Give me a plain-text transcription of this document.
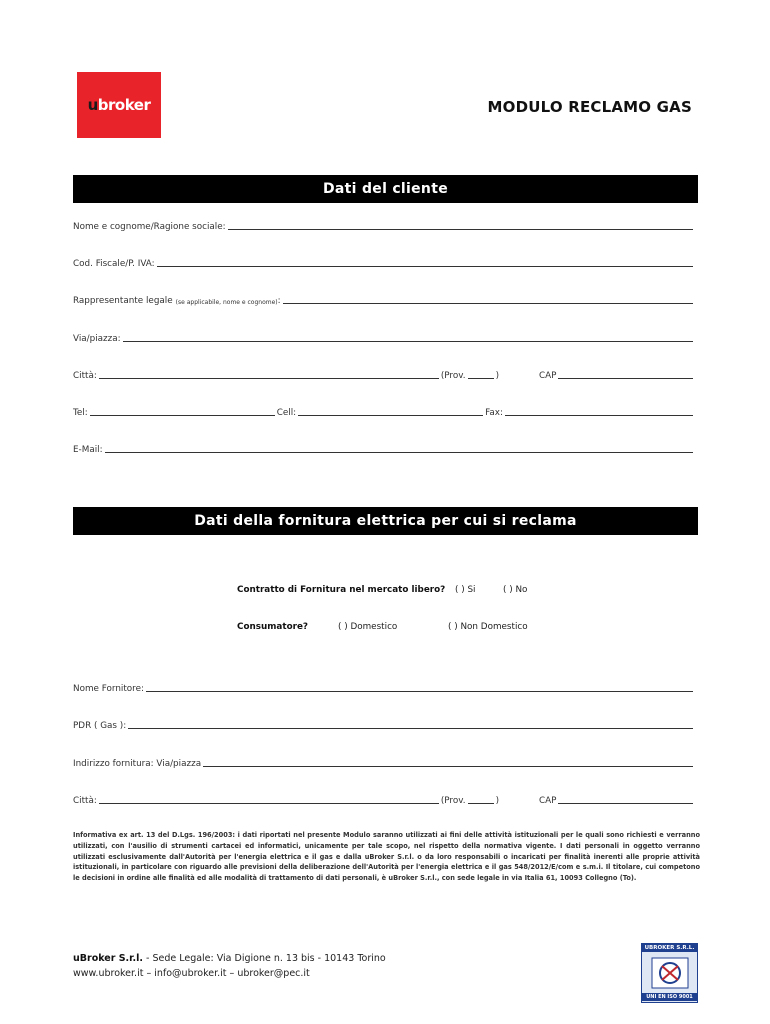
ubroker	MODULO RECLAMO GAS
Dati del cliente
Nome e cognome/Ragione sociale:
Cod. Fiscale/P. IVA:
Rappresentante legale (se applicabile, nome e cognome) :
Via/piazza:
Città:	(Prov.	)	CAP
Tel:	Cell:	Fax:
E-Mail:
Dati della fornitura elettrica per cui si reclama
Contratto di Fornitura nel mercato libero? ( ) Si	( ) No
Consumatore?	( ) Domestico	( ) Non Domestico
Nome Fornitore:
PDR ( Gas ):
Indirizzo fornitura: Via/piazza
Città:	(Prov.	)	CAP
Informativa ex art. 13 del D.Lgs. 196/2003: i dati riportati nel presente Modulo saranno utilizzati ai fini delle attività istituzionali per le quali sono richiesti e verranno utilizzati, con l'ausilio di strumenti cartacei ed informatici, unicamente per tale scopo, nel rispetto della normativa vigente. I dati personali in oggetto verranno utilizzati esclusivamente dall'Autorità per l'energia elettrica e il gas e dalla uBroker S.r.l. o da loro responsabili o incaricati per finalità inerenti alle proprie attività istituzionali, in particolare con riguardo alle previsioni della deliberazione dell'Autorità per l'energia elettrica e il gas 548/2012/E/com e s.m.i. Il titolare, cui competono le decisioni in ordine alle finalità ed alle modalità di trattamento di dati personali, è uBroker S.r.l., con sede legale in via Italia 61, 10093 Collegno (To).
uBroker S.r.l. - Sede Legale: Via Digione n. 13 bis - 10143 Torino
www.ubroker.it – info@ubroker.it – ubroker@pec.it
UBROKER S.R.L.
UNI EN ISO 9001
